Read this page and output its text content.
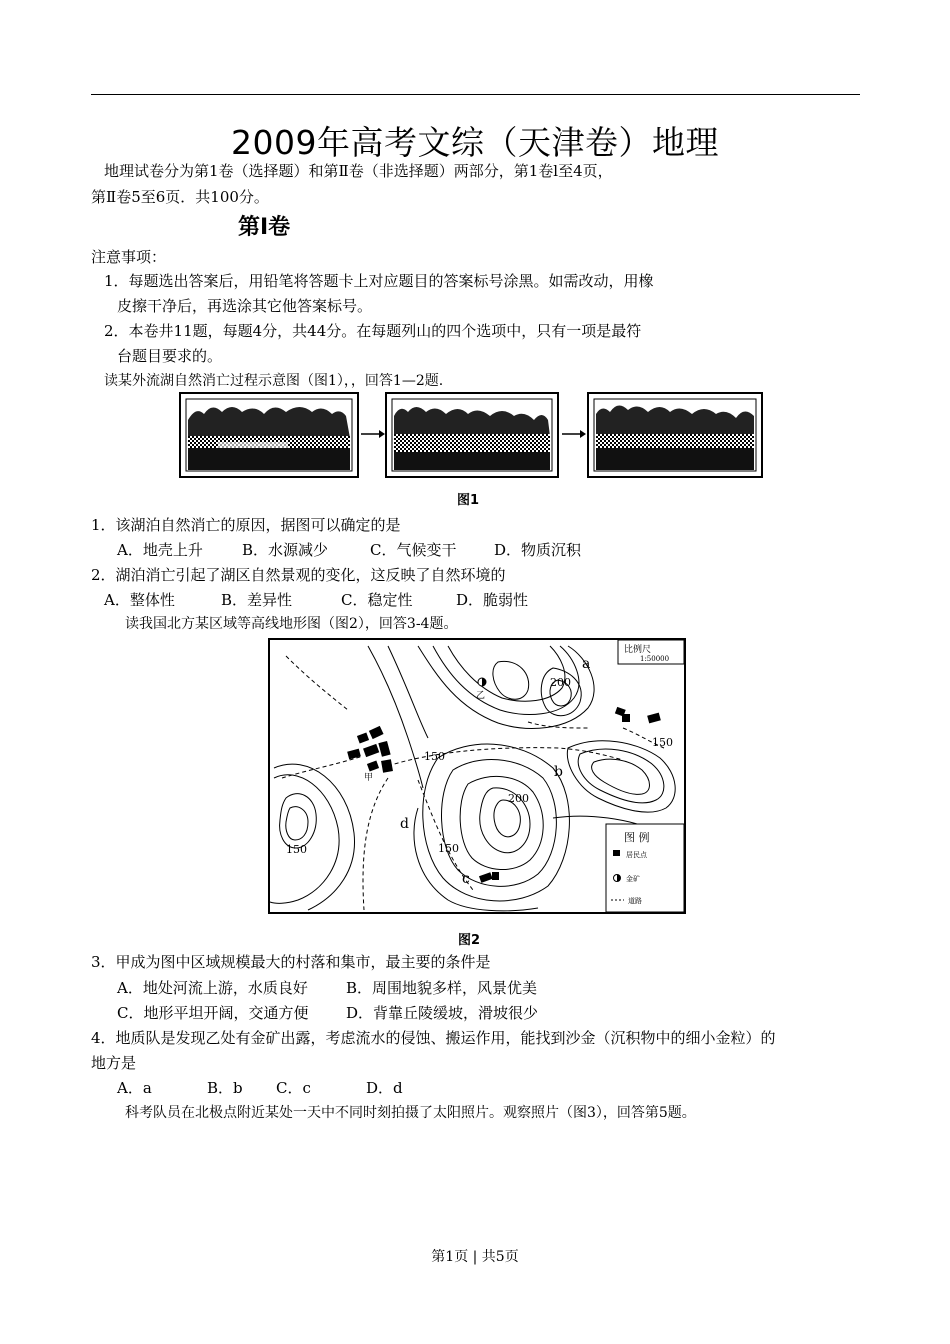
2009年高考文综（天津卷）地理
地理试卷分为第1卷（选择题）和第Ⅱ卷（非选择题）两部分，第1卷l至4页，
第Ⅱ卷5至6页．共100分。
第Ⅰ卷
注意事项：
1．每题选出答案后，用铅笔将答题卡上对应题目的答案标号涂黑。如需改动，用橡
皮擦干净后，再选涂其它他答案标号。
2．本卷井11题，每题4分，共44分。在每题列山的四个选项中，只有一项是最符
台题目要求的。
读某外流湖自然消亡过程示意图（图1），，回答1—2题.
图1
1．该湖泊自然消亡的原因，据图可以确定的是
A．地壳上升	B．水源减少	C．气候变干	D．物质沉积
2．湖泊消亡引起了湖区自然景观的变化，这反映了自然环境的
A．整体性	B．差异性	C．稳定性	D．脆弱性
读我国北方某区域等高线地形图（图2），回答3-4题。
比例尺
1:50000
200
200
150
150
150
150
a
b
c
d
甲
乙
图 例
居民点
金矿
道路
图2
3．甲成为图中区域规模最大的村落和集市，最主要的条件是
A．地处河流上游，水质良好	B．周围地貌多样，风景优美
C．地形平坦开阔，交通方便	D．背靠丘陵缓坡，滑坡很少
4．地质队是发现乙处有金矿出露，考虑流水的侵蚀、搬运作用，能找到沙金（沉积物中的细小金粒）的
地方是
A．a	B．b C．c	D．d
科考队员在北极点附近某处一天中不同时刻拍摄了太阳照片。观察照片（图3），回答第5题。
第1页 | 共5页
